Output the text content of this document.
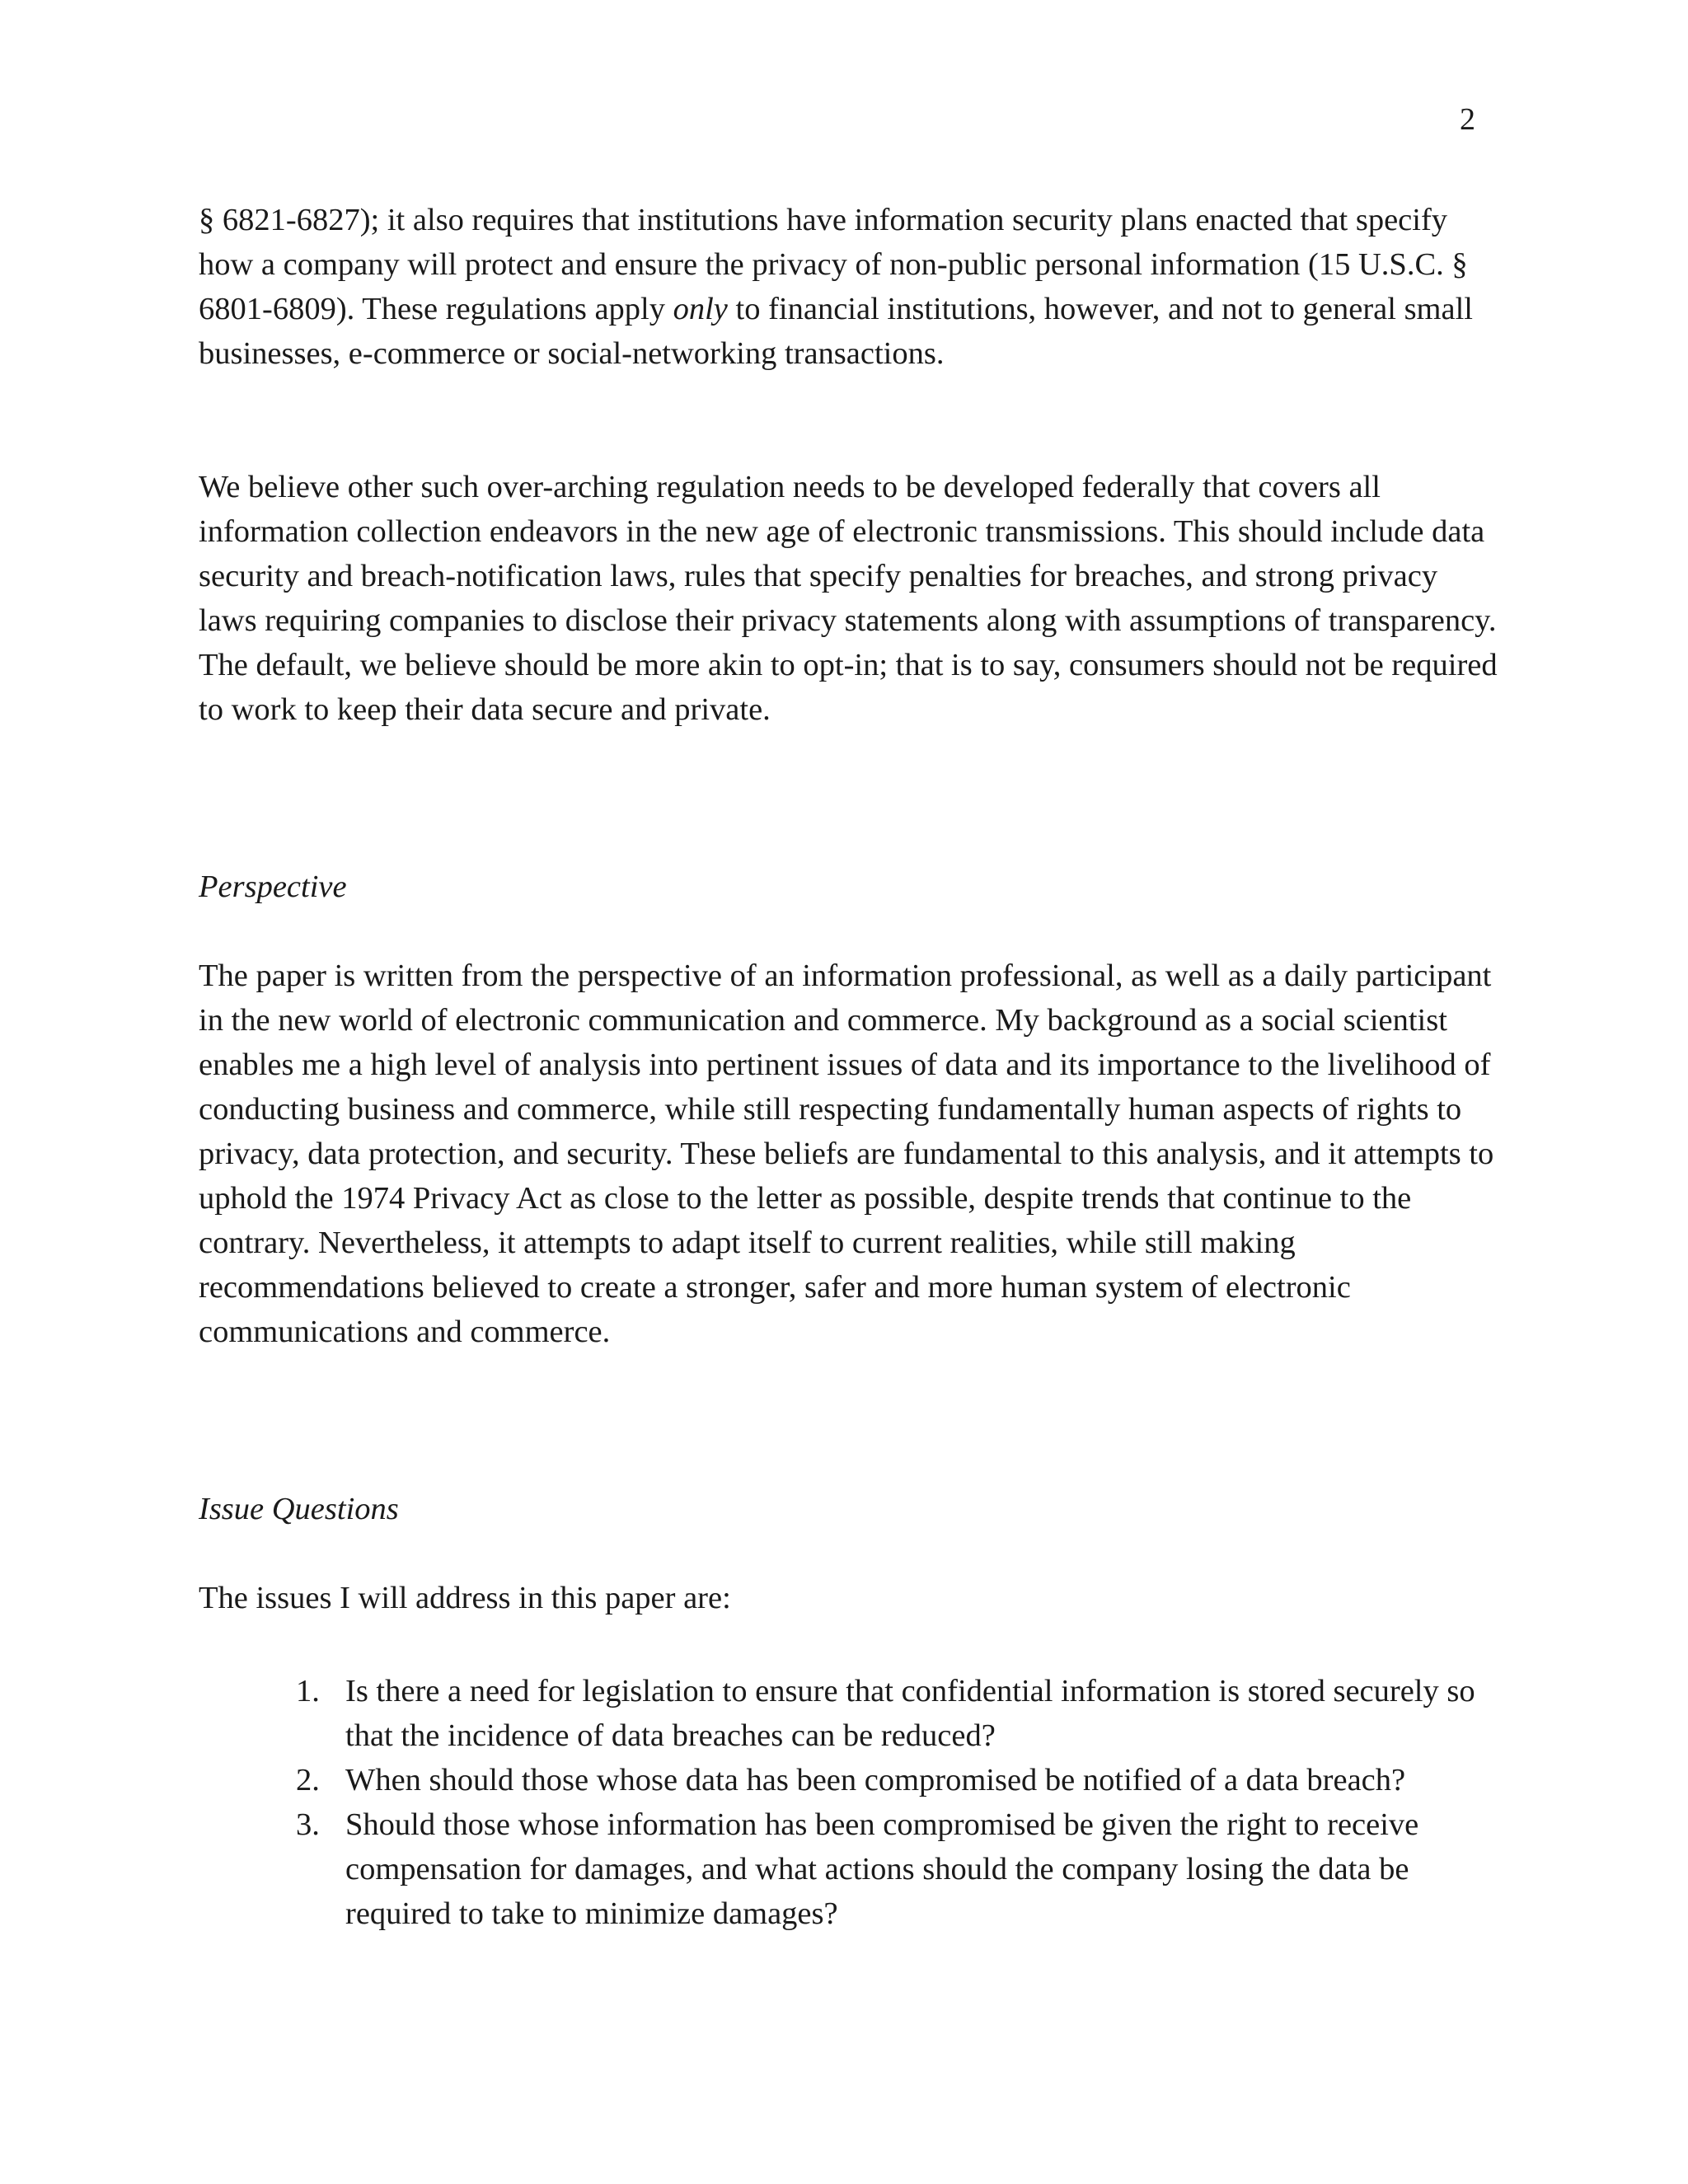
2

§ 6821-6827); it also requires that institutions have information security plans enacted that specify how a company will protect and ensure the privacy of non-public personal information (15 U.S.C. § 6801-6809). These regulations apply only to financial institutions, however, and not to general small businesses, e-commerce or social-networking transactions.

We believe other such over-arching regulation needs to be developed federally that covers all information collection endeavors in the new age of electronic transmissions. This should include data security and breach-notification laws, rules that specify penalties for breaches, and strong privacy laws requiring companies to disclose their privacy statements along with assumptions of transparency. The default, we believe should be more akin to opt-in; that is to say, consumers should not be required to work to keep their data secure and private.

Perspective

The paper is written from the perspective of an information professional, as well as a daily participant in the new world of electronic communication and commerce. My background as a social scientist enables me a high level of analysis into pertinent issues of data and its importance to the livelihood of conducting business and commerce, while still respecting fundamentally human aspects of rights to privacy, data protection, and security. These beliefs are fundamental to this analysis, and it attempts to uphold the 1974 Privacy Act as close to the letter as possible, despite trends that continue to the contrary. Nevertheless, it attempts to adapt itself to current realities, while still making recommendations believed to create a stronger, safer and more human system of electronic communications and commerce.

Issue Questions

The issues I will address in this paper are:

1. Is there a need for legislation to ensure that confidential information is stored securely so that the incidence of data breaches can be reduced?
2. When should those whose data has been compromised be notified of a data breach?
3. Should those whose information has been compromised be given the right to receive compensation for damages, and what actions should the company losing the data be required to take to minimize damages?
